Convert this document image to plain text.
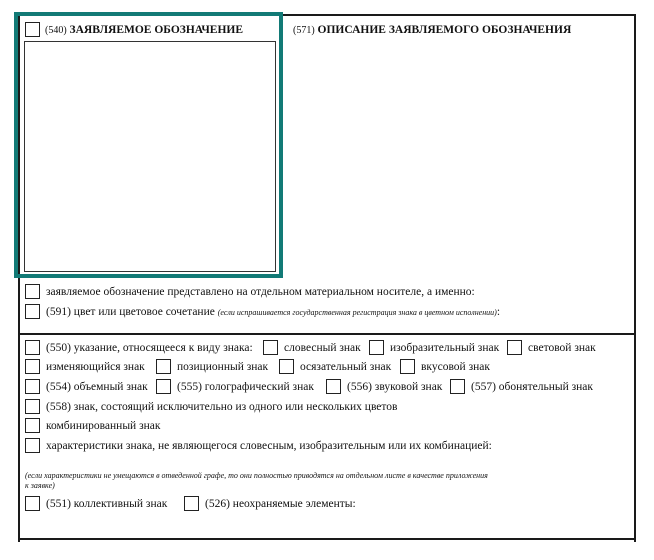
(540) ЗАЯВЛЯЕМОЕ ОБОЗНАЧЕНИЕ	(571) ОПИСАНИЕ ЗАЯВЛЯЕМОГО ОБОЗНАЧЕНИЯ
заявляемое обозначение представлено на отдельном материальном носителе, а именно:
(591) цвет или цветовое сочетание (если испрашивается государственная регистрация знака в цветном исполнении):
(550) указание, относящееся к виду знака:	словесный знак	изобразительный знак	световой знак
изменяющийся знак	позиционный знак	осязательный знак	вкусовой знак
(554) объемный знак	(555) голографический знак	(556) звуковой знак (557) обонятельный знак
(558) знак, состоящий исключительно из одного или нескольких цветов
комбинированный знак
характеристики знака, не являющегося словесным, изобразительным или их комбинацией:
(если характеристики не умещаются в отведенной графе, то они полностью приводятся на отдельном листе в качестве приложения
к заявке)
(551) коллективный знак	(526) неохраняемые элементы:
